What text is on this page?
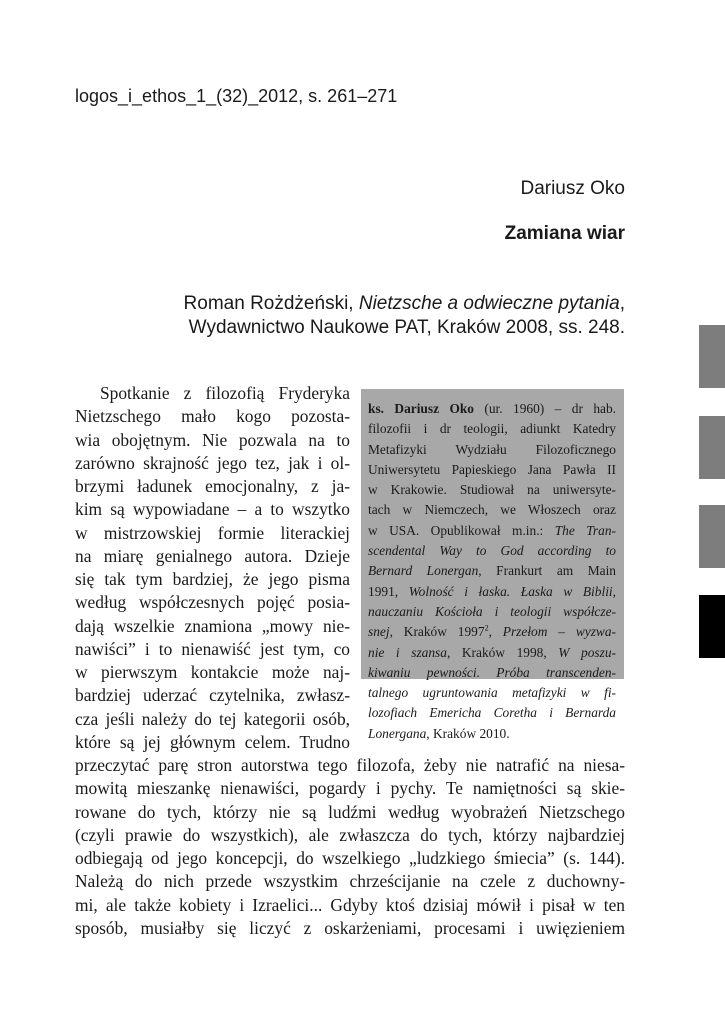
logos_i_ethos_1_(32)_2012, s. 261–271
Dariusz Oko
Zamiana wiar
Roman Rożdżeński, Nietzsche a odwieczne pytania,
Wydawnictwo Naukowe PAT, Kraków 2008, ss. 248.
Spotkanie z filozofią Fryderyka
Nietzschego mało kogo pozosta-
wia obojętnym. Nie pozwala na to
zarówno skrajność jego tez, jak i ol-
brzymi ładunek emocjonalny, z ja-
kim są wypowiadane – a to wszytko
w mistrzowskiej formie literackiej
na miarę genialnego autora. Dzieje
się tak tym bardziej, że jego pisma
według współczesnych pojęć posia-
dają wszelkie znamiona „mowy nie-
nawiści” i to nienawiść jest tym, co
w pierwszym kontakcie może naj-
bardziej uderzać czytelnika, zwłasz-
cza jeśli należy do tej kategorii osób,
które są jej głównym celem. Trudno
przeczytać parę stron autorstwa tego filozofa, żeby nie natrafić na niesa-
mowitą mieszankę nienawiści, pogardy i pychy. Te namiętności są skie-
rowane do tych, którzy nie są ludźmi według wyobrażeń Nietzschego
(czyli prawie do wszystkich), ale zwłaszcza do tych, którzy najbardziej
odbiegają od jego koncepcji, do wszelkiego „ludzkiego śmiecia” (s. 144).
Należą do nich przede wszystkim chrześcijanie na czele z duchowny-
mi, ale także kobiety i Izraelici... Gdyby ktoś dzisiaj mówił i pisał w ten
sposób, musiałby się liczyć z oskarżeniami, procesami i uwięzieniem
ks. Dariusz Oko (ur. 1960) – dr hab.
filozofii i dr teologii, adiunkt Katedry
Metafizyki Wydziału Filozoficznego
Uniwersytetu Papieskiego Jana Pawła II
w Krakowie. Studiował na uniwersyte-
tach w Niemczech, we Włoszech oraz
w USA. Opublikował m.in.: The Tran-
scendental Way to God according to
Bernard Lonergan, Frankurt am Main
1991, Wolność i łaska. Łaska w Biblii,
nauczaniu Kościoła i teologii współcze-
snej, Kraków 1997$^2$, Przełom – wyzwa-
nie i szansa, Kraków 1998, W poszu-
kiwaniu pewności. Próba transcenden-
talnego ugruntowania metafizyki w fi-
lozofiach Emericha Coretha i Bernarda
Lonergana, Kraków 2010.
